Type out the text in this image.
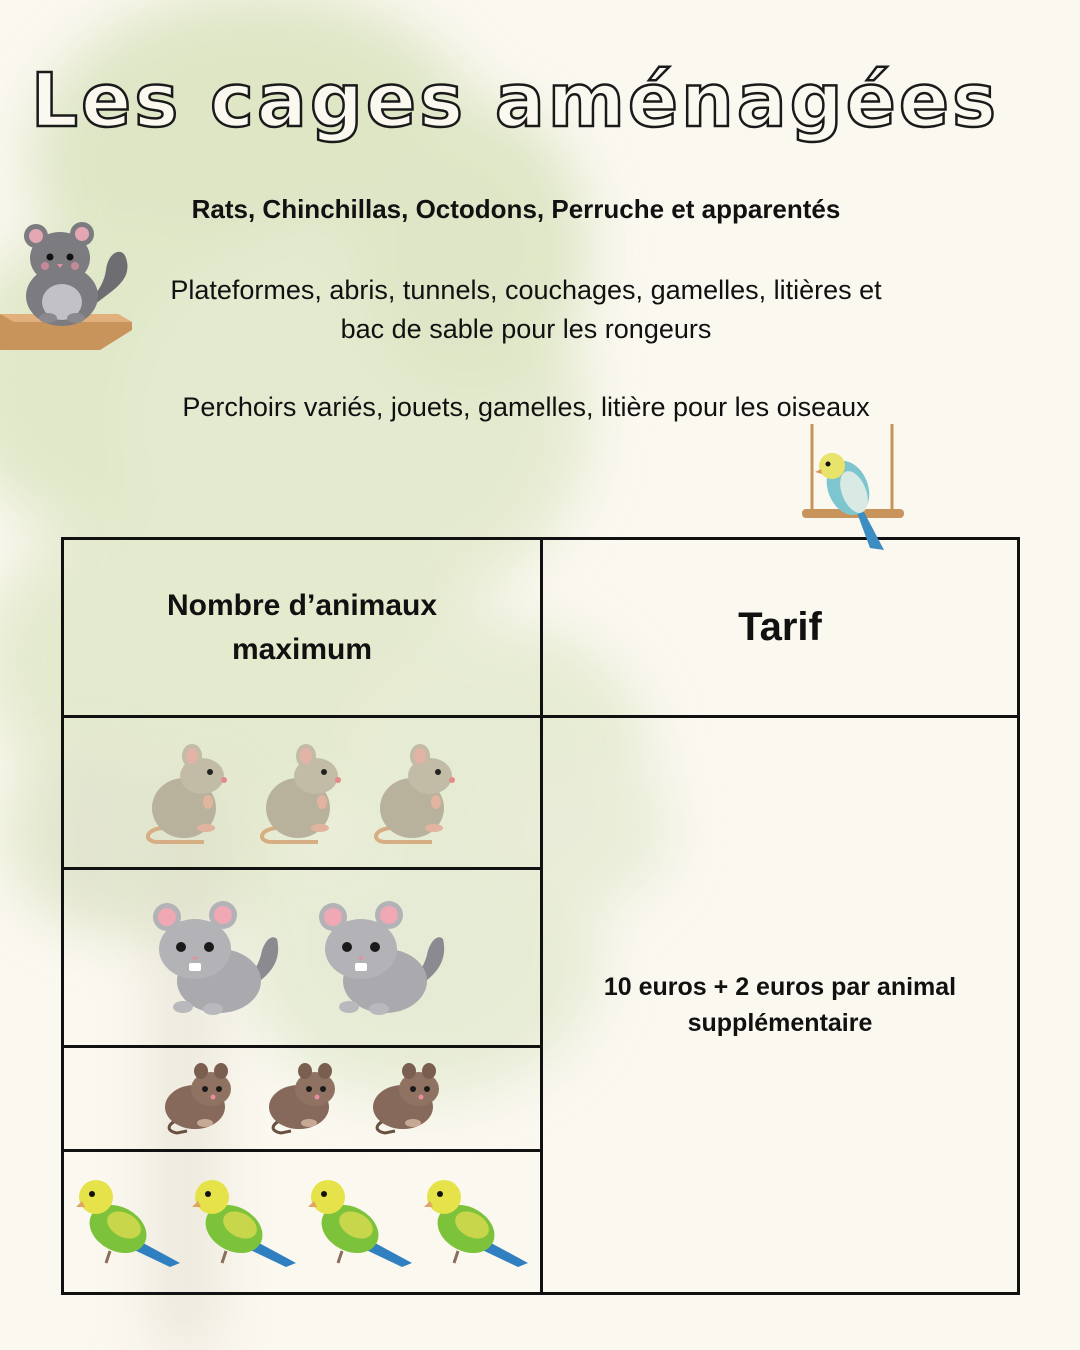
Les cages aménagées
Rats, Chinchillas, Octodons, Perruche et apparentés
Plateformes, abris, tunnels, couchages, gamelles, litières et
bac de sable pour les rongeurs
Perchoirs variés, jouets, gamelles, litière pour les oiseaux
Nombre d’animaux
maximum	Tarif

10 euros + 2 euros par animal
supplémentaire
